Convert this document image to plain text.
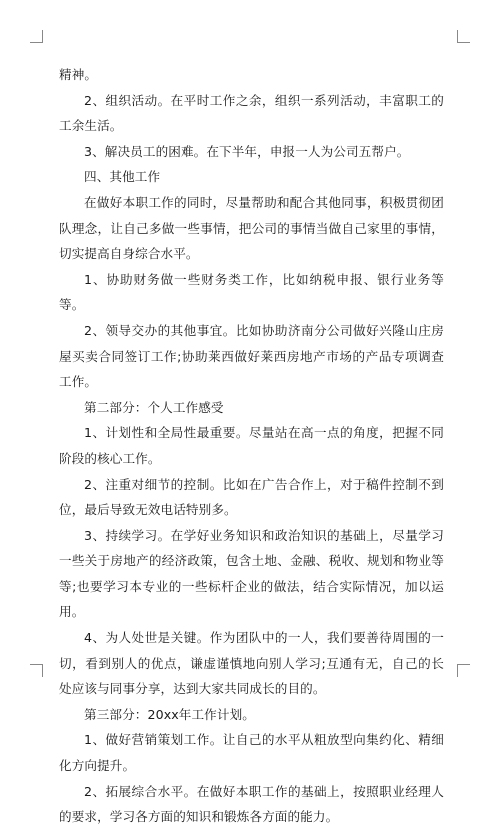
精神。

2、组织活动。在平时工作之余，组织一系列活动，丰富职工的工余生活。

3、解决员工的困难。在下半年，申报一人为公司五帮户。

四、其他工作

在做好本职工作的同时，尽量帮助和配合其他同事，积极贯彻团队理念，让自己多做一些事情，把公司的事情当做自己家里的事情，切实提高自身综合水平。

1、协助财务做一些财务类工作，比如纳税申报、银行业务等等。

2、领导交办的其他事宜。比如协助济南分公司做好兴隆山庄房屋买卖合同签订工作;协助莱西做好莱西房地产市场的产品专项调查工作。

第二部分：个人工作感受

1、计划性和全局性最重要。尽量站在高一点的角度，把握不同阶段的核心工作。

2、注重对细节的控制。比如在广告合作上，对于稿件控制不到位，最后导致无效电话特别多。

3、持续学习。在学好业务知识和政治知识的基础上，尽量学习一些关于房地产的经济政策，包含土地、金融、税收、规划和物业等等;也要学习本专业的一些标杆企业的做法，结合实际情况，加以运用。

4、为人处世是关键。作为团队中的一人，我们要善待周围的一切，看到别人的优点，谦虚谨慎地向别人学习;互通有无，自己的长处应该与同事分享，达到大家共同成长的目的。

第三部分：20xx年工作计划。

1、做好营销策划工作。让自己的水平从粗放型向集约化、精细化方向提升。

2、拓展综合水平。在做好本职工作的基础上，按照职业经理人的要求，学习各方面的知识和锻炼各方面的能力。
